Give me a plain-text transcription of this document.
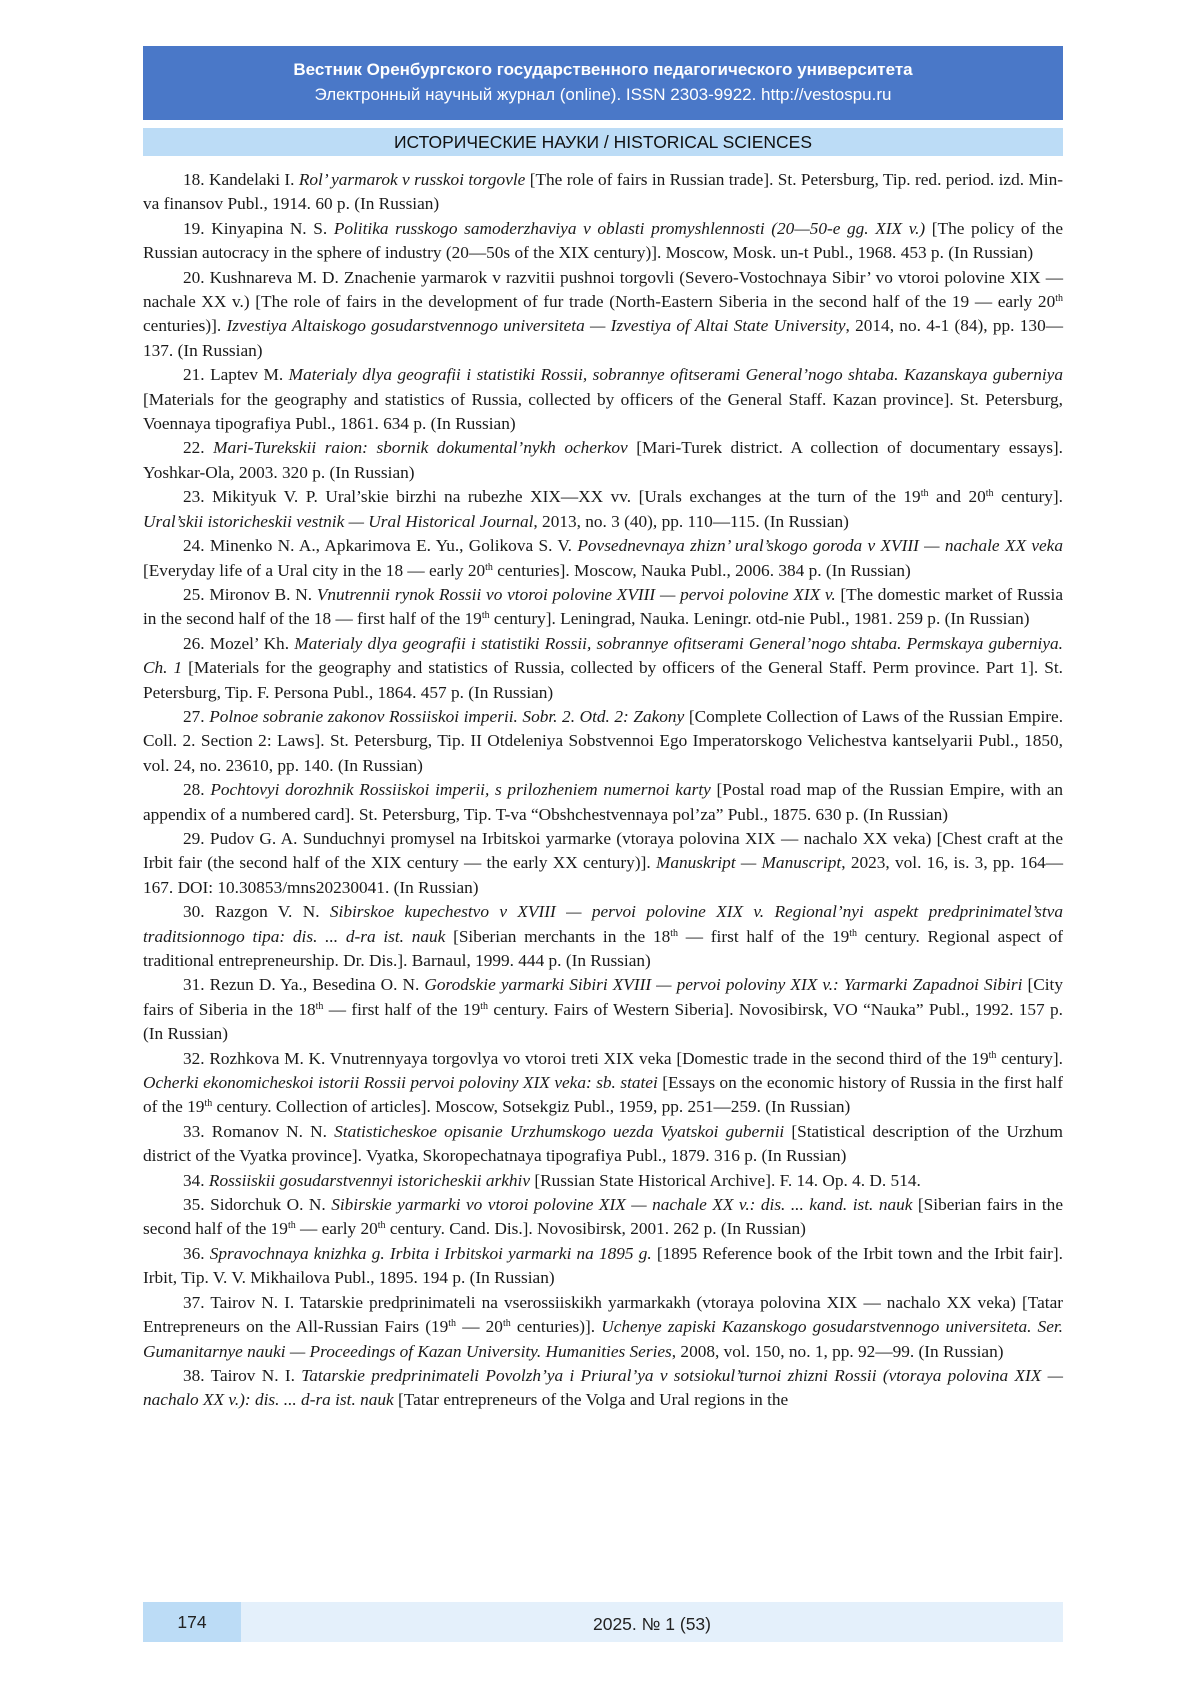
Вестник Оренбургского государственного педагогического университета
Электронный научный журнал (online). ISSN 2303-9922. http://vestospu.ru
ИСТОРИЧЕСКИЕ НАУКИ / HISTORICAL SCIENCES

18. Kandelaki I. Rol’ yarmarok v russkoi torgovle [The role of fairs in Russian trade]. St. Petersburg, Tip. red. period. izd. Min-va finansov Publ., 1914. 60 p. (In Russian)

19. Kinyapina N. S. Politika russkogo samoderzhaviya v oblasti promyshlennosti (20—50-e gg. XIX v.) [The policy of the Russian autocracy in the sphere of industry (20—50s of the XIX century)]. Moscow, Mosk. un-t Publ., 1968. 453 p. (In Russian)

20. Kushnareva M. D. Znachenie yarmarok v razvitii pushnoi torgovli (Severo-Vostochnaya Sibir’ vo vtoroi polovine XIX — nachale XX v.) [The role of fairs in the development of fur trade (North-Eastern Siberia in the second half of the 19 — early 20th centuries)]. Izvestiya Altaiskogo gosudarstvennogo universiteta — Izvestiya of Altai State University, 2014, no. 4-1 (84), pp. 130—137. (In Russian)

21. Laptev M. Materialy dlya geografii i statistiki Rossii, sobrannye ofitserami General’nogo shtaba. Kazanskaya guberniya [Materials for the geography and statistics of Russia, collected by officers of the General Staff. Kazan province]. St. Petersburg, Voennaya tipografiya Publ., 1861. 634 p. (In Russian)

22. Mari-Turekskii raion: sbornik dokumental’nykh ocherkov [Mari-Turek district. A collection of documentary essays]. Yoshkar-Ola, 2003. 320 p. (In Russian)

23. Mikityuk V. P. Ural’skie birzhi na rubezhe XIX—XX vv. [Urals exchanges at the turn of the 19th and 20th century]. Ural’skii istoricheskii vestnik — Ural Historical Journal, 2013, no. 3 (40), pp. 110—115. (In Russian)

24. Minenko N. A., Apkarimova E. Yu., Golikova S. V. Povsednevnaya zhizn’ ural’skogo goroda v XVIII — nachale XX veka [Everyday life of a Ural city in the 18 — early 20th centuries]. Moscow, Nauka Publ., 2006. 384 p. (In Russian)

25. Mironov B. N. Vnutrennii rynok Rossii vo vtoroi polovine XVIII — pervoi polovine XIX v. [The domestic market of Russia in the second half of the 18 — first half of the 19th century]. Leningrad, Nauka. Leningr. otd-nie Publ., 1981. 259 p. (In Russian)

26. Mozel’ Kh. Materialy dlya geografii i statistiki Rossii, sobrannye ofitserami General’nogo shtaba. Permskaya guberniya. Ch. 1 [Materials for the geography and statistics of Russia, collected by officers of the General Staff. Perm province. Part 1]. St. Petersburg, Tip. F. Persona Publ., 1864. 457 p. (In Russian)

27. Polnoe sobranie zakonov Rossiiskoi imperii. Sobr. 2. Otd. 2: Zakony [Complete Collection of Laws of the Russian Empire. Coll. 2. Section 2: Laws]. St. Petersburg, Tip. II Otdeleniya Sobstvennoi Ego Imperatorskogo Velichestva kantselyarii Publ., 1850, vol. 24, no. 23610, pp. 140. (In Russian)

28. Pochtovyi dorozhnik Rossiiskoi imperii, s prilozheniem numernoi karty [Postal road map of the Russian Empire, with an appendix of a numbered card]. St. Petersburg, Tip. T-va “Obshchestvennaya pol’za” Publ., 1875. 630 p. (In Russian)

29. Pudov G. A. Sunduchnyi promysel na Irbitskoi yarmarke (vtoraya polovina XIX — nachalo XX veka) [Chest craft at the Irbit fair (the second half of the XIX century — the early XX century)]. Manuskript — Manuscript, 2023, vol. 16, is. 3, pp. 164—167. DOI: 10.30853/mns20230041. (In Russian)

30. Razgon V. N. Sibirskoe kupechestvo v XVIII — pervoi polovine XIX v. Regional’nyi aspekt predprinimatel’stva traditsionnogo tipa: dis. ... d-ra ist. nauk [Siberian merchants in the 18th — first half of the 19th century. Regional aspect of traditional entrepreneurship. Dr. Dis.]. Barnaul, 1999. 444 p. (In Russian)

31. Rezun D. Ya., Besedina O. N. Gorodskie yarmarki Sibiri XVIII — pervoi poloviny XIX v.: Yarmarki Zapadnoi Sibiri [City fairs of Siberia in the 18th — first half of the 19th century. Fairs of Western Siberia]. Novosibirsk, VO “Nauka” Publ., 1992. 157 p. (In Russian)

32. Rozhkova M. K. Vnutrennyaya torgovlya vo vtoroi treti XIX veka [Domestic trade in the second third of the 19th century]. Ocherki ekonomicheskoi istorii Rossii pervoi poloviny XIX veka: sb. statei [Essays on the economic history of Russia in the first half of the 19th century. Collection of articles]. Moscow, Sotsekgiz Publ., 1959, pp. 251—259. (In Russian)

33. Romanov N. N. Statisticheskoe opisanie Urzhumskogo uezda Vyatskoi gubernii [Statistical description of the Urzhum district of the Vyatka province]. Vyatka, Skoropechatnaya tipografiya Publ., 1879. 316 p. (In Russian)

34. Rossiiskii gosudarstvennyi istoricheskii arkhiv [Russian State Historical Archive]. F. 14. Op. 4. D. 514.

35. Sidorchuk O. N. Sibirskie yarmarki vo vtoroi polovine XIX — nachale XX v.: dis. ... kand. ist. nauk [Siberian fairs in the second half of the 19th — early 20th century. Cand. Dis.]. Novosibirsk, 2001. 262 p. (In Russian)

36. Spravochnaya knizhka g. Irbita i Irbitskoi yarmarki na 1895 g. [1895 Reference book of the Irbit town and the Irbit fair]. Irbit, Tip. V. V. Mikhailova Publ., 1895. 194 p. (In Russian)

37. Tairov N. I. Tatarskie predprinimateli na vserossiiskikh yarmarkakh (vtoraya polovina XIX — nachalo XX veka) [Tatar Entrepreneurs on the All-Russian Fairs (19th — 20th centuries)]. Uchenye zapiski Kazanskogo gosudarstvennogo universiteta. Ser. Gumanitarnye nauki — Proceedings of Kazan University. Humanities Series, 2008, vol. 150, no. 1, pp. 92—99. (In Russian)

38. Tairov N. I. Tatarskie predprinimateli Povolzh’ya i Priural’ya v sotsiokul’turnoi zhizni Rossii (vtoraya polovina XIX — nachalo XX v.): dis. ... d-ra ist. nauk [Tatar entrepreneurs of the Volga and Ural regions in the

174	2025. № 1 (53)
